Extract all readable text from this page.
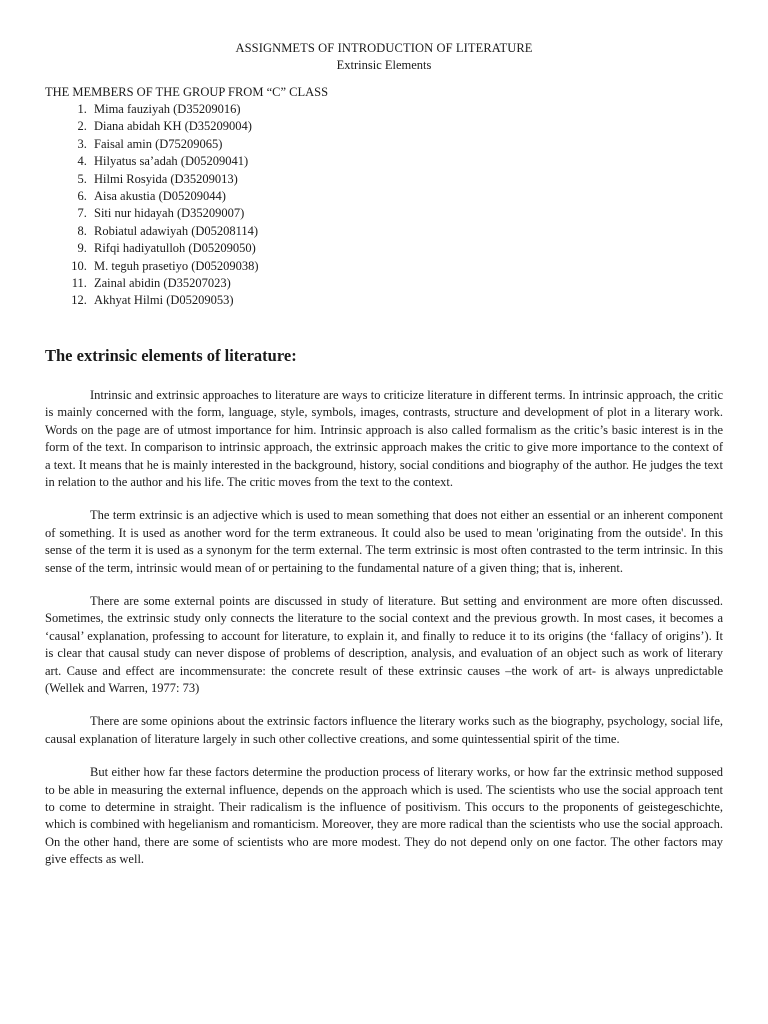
ASSIGNMETS OF INTRODUCTION OF LITERATURE
Extrinsic Elements
THE MEMBERS OF THE GROUP FROM “C” CLASS
1. Mima fauziyah (D35209016)
2. Diana abidah KH (D35209004)
3. Faisal amin (D75209065)
4. Hilyatus sa’adah (D05209041)
5. Hilmi Rosyida (D35209013)
6. Aisa akustia (D05209044)
7. Siti nur hidayah (D35209007)
8. Robiatul adawiyah (D05208114)
9. Rifqi hadiyatulloh (D05209050)
10. M. teguh prasetiyo (D05209038)
11. Zainal abidin (D35207023)
12. Akhyat Hilmi (D05209053)
The extrinsic elements of literature:

Intrinsic and extrinsic approaches to literature are ways to criticize literature in different terms. In intrinsic approach, the critic is mainly concerned with the form, language, style, symbols, images, contrasts, structure and development of plot in a literary work. Words on the page are of utmost importance for him. Intrinsic approach is also called formalism as the critic’s basic interest is in the form of the text. In comparison to intrinsic approach, the extrinsic approach makes the critic to give more importance to the context of a text. It means that he is mainly interested in the background, history, social conditions and biography of the author. He judges the text in relation to the author and his life. The critic moves from the text to the context.

The term extrinsic is an adjective which is used to mean something that does not either an essential or an inherent component of something. It is used as another word for the term extraneous. It could also be used to mean 'originating from the outside'. In this sense of the term it is used as a synonym for the term external. The term extrinsic is most often contrasted to the term intrinsic. In this sense of the term, intrinsic would mean of or pertaining to the fundamental nature of a given thing; that is, inherent.

There are some external points are discussed in study of literature. But setting and environment are more often discussed. Sometimes, the extrinsic study only connects the literature to the social context and the previous growth. In most cases, it becomes a ‘causal’ explanation, professing to account for literature, to explain it, and finally to reduce it to its origins (the ‘fallacy of origins’). It is clear that causal study can never dispose of problems of description, analysis, and evaluation of an object such as work of literary art. Cause and effect are incommensurate: the concrete result of these extrinsic causes –the work of art- is always unpredictable (Wellek and Warren, 1977: 73)

There are some opinions about the extrinsic factors influence the literary works such as the biography, psychology, social life, causal explanation of literature largely in such other collective creations, and some quintessential spirit of the time.

But either how far these factors determine the production process of literary works, or how far the extrinsic method supposed to be able in measuring the external influence, depends on the approach which is used. The scientists who use the social approach tent to come to determine in straight. Their radicalism is the influence of positivism. This occurs to the proponents of geistegeschichte, which is combined with hegelianism and romanticism. Moreover, they are more radical than the scientists who use the social approach. On the other hand, there are some of scientists who are more modest. They do not depend only on one factor. The other factors may give effects as well.
